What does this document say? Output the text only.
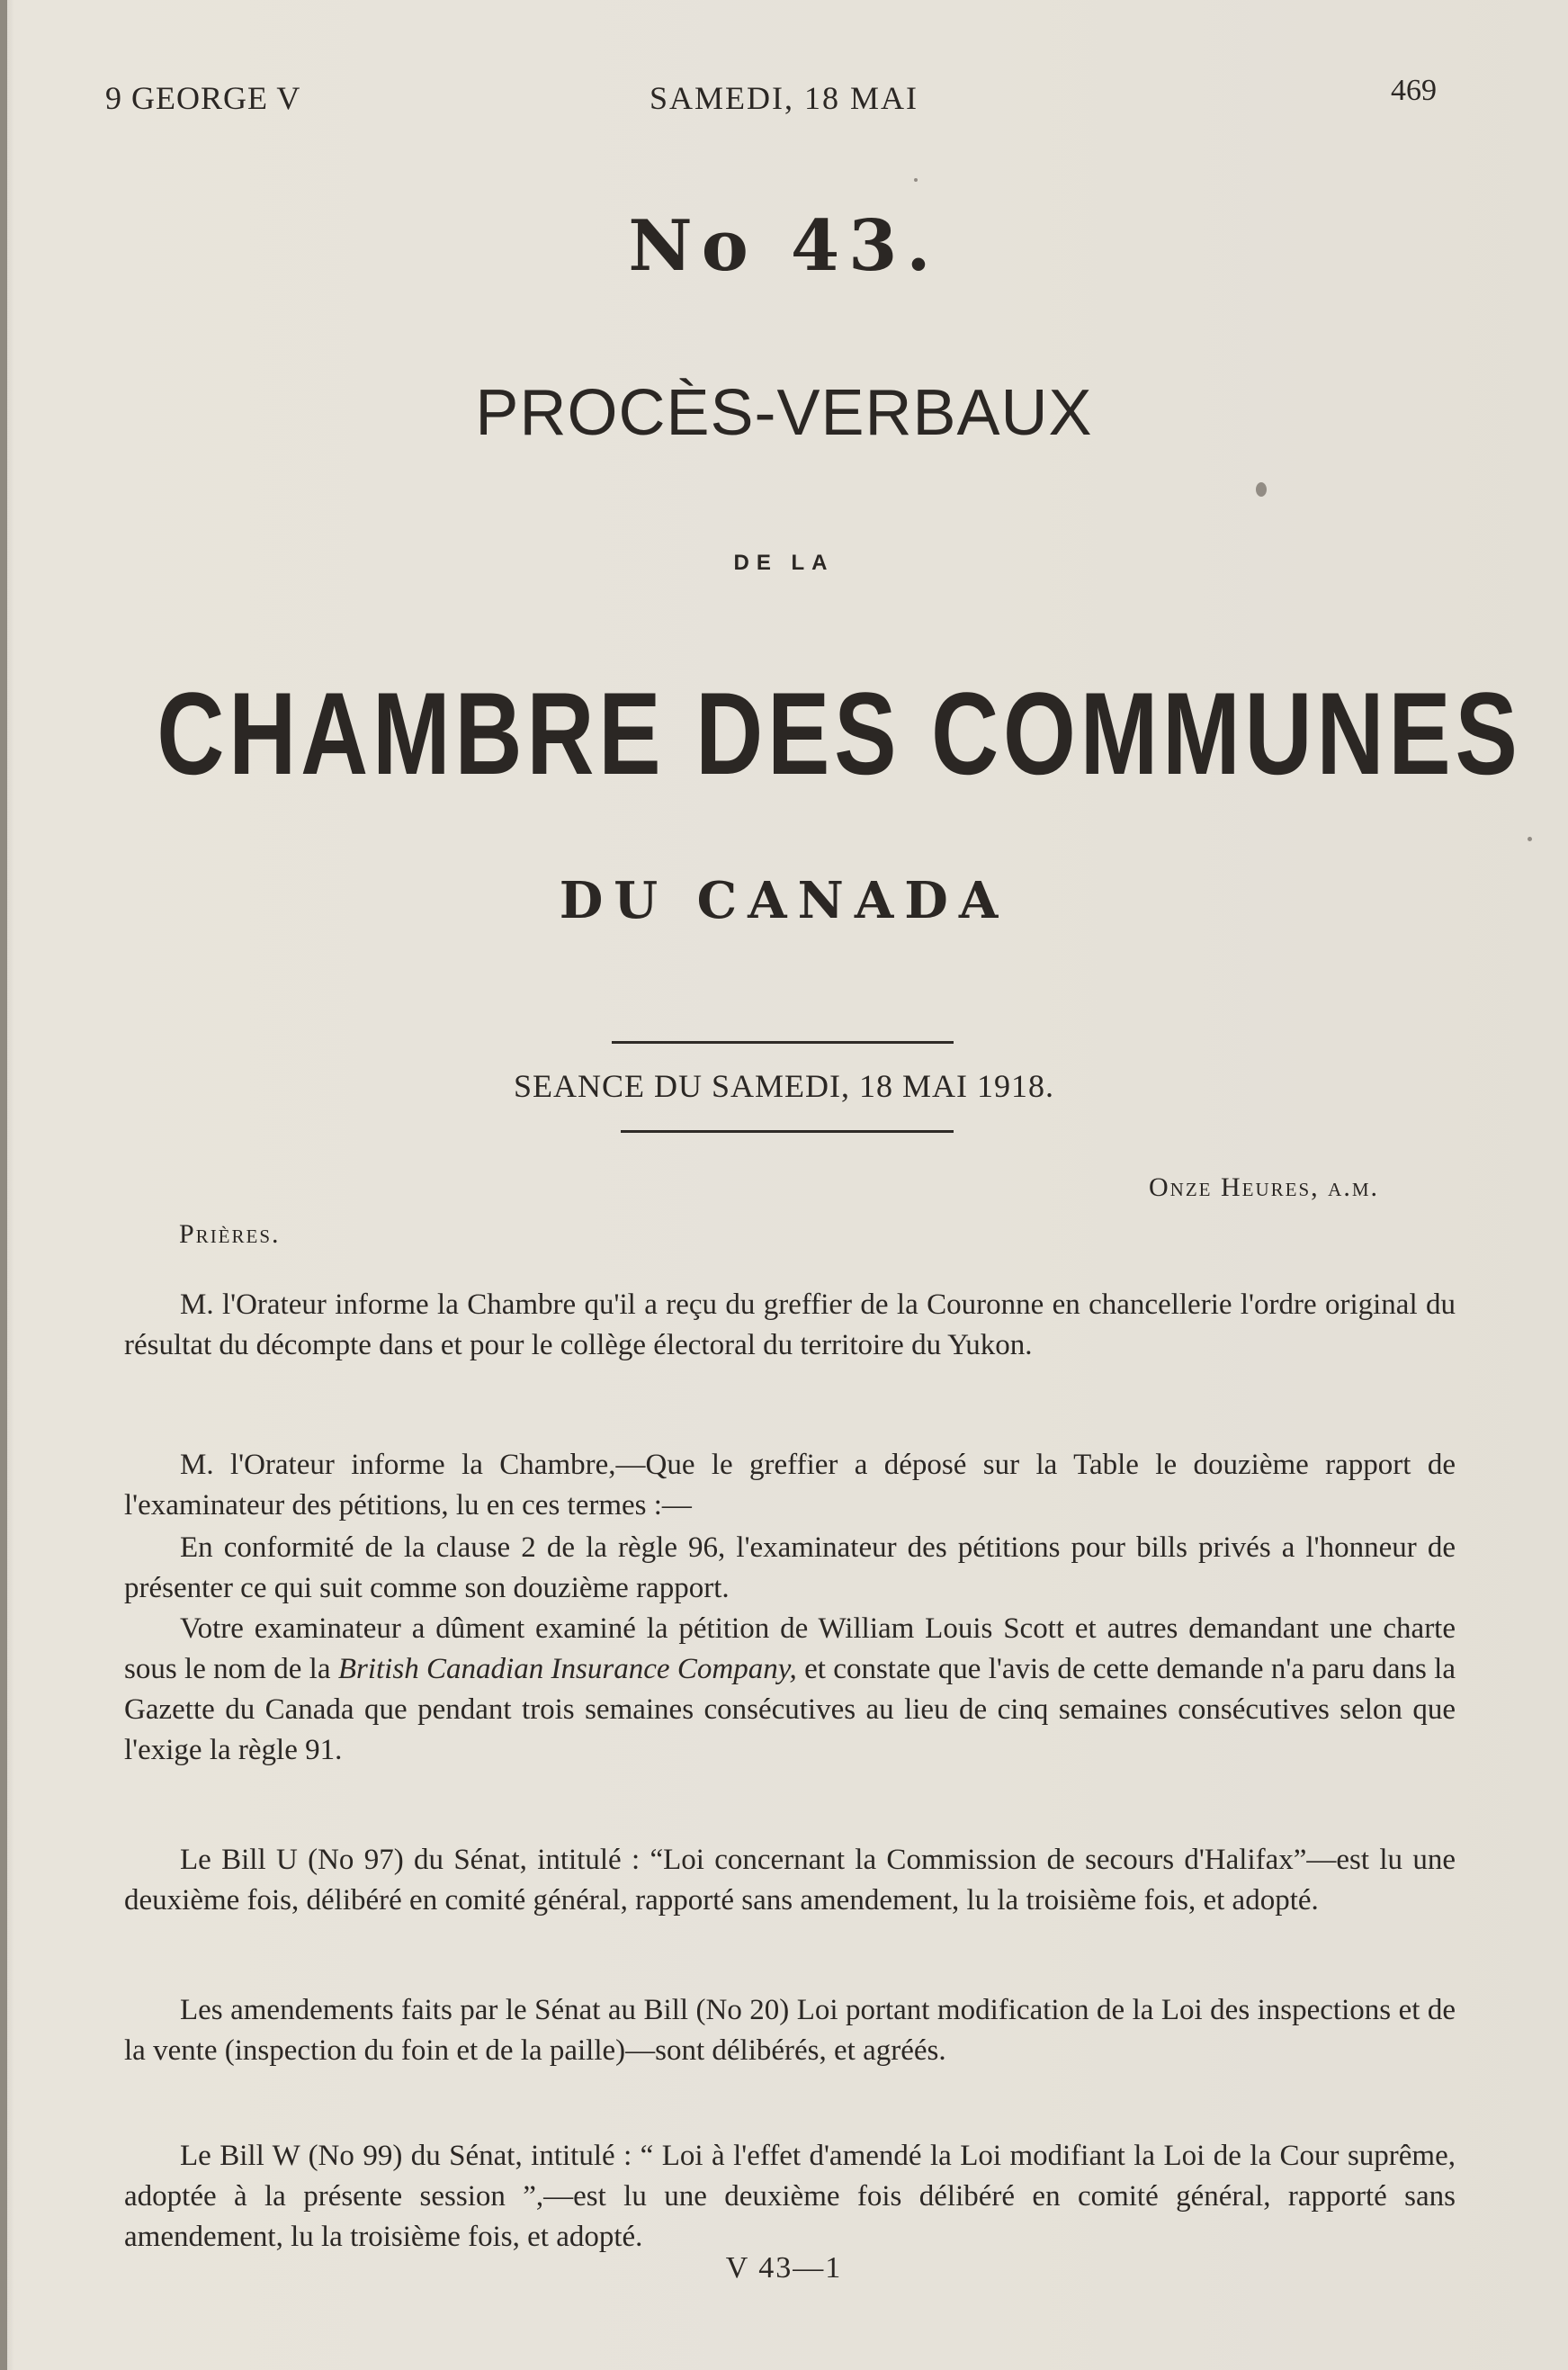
9 GEORGE V	SAMEDI, 18 MAI	469
No 43.
PROCÈS-VERBAUX
DE LA
CHAMBRE DES COMMUNES
DU CANADA
SEANCE DU SAMEDI, 18 MAI 1918.
Onze Heures, a.m.
Prières.

M. l'Orateur informe la Chambre qu'il a reçu du greffier de la Couronne en chancellerie l'ordre original du résultat du décompte dans et pour le collège électoral du territoire du Yukon.

M. l'Orateur informe la Chambre,—Que le greffier a déposé sur la Table le douzième rapport de l'examinateur des pétitions, lu en ces termes :—

En conformité de la clause 2 de la règle 96, l'examinateur des pétitions pour bills privés a l'honneur de présenter ce qui suit comme son douzième rapport.

Votre examinateur a dûment examiné la pétition de William Louis Scott et autres demandant une charte sous le nom de la British Canadian Insurance Company, et constate que l'avis de cette demande n'a paru dans la Gazette du Canada que pendant trois semaines consécutives au lieu de cinq semaines consécutives selon que l'exige la règle 91.

Le Bill U (No 97) du Sénat, intitulé : “Loi concernant la Commission de secours d'Halifax”—est lu une deuxième fois, délibéré en comité général, rapporté sans amendement, lu la troisième fois, et adopté.

Les amendements faits par le Sénat au Bill (No 20) Loi portant modification de la Loi des inspections et de la vente (inspection du foin et de la paille)—sont délibérés, et agréés.

Le Bill W (No 99) du Sénat, intitulé : “ Loi à l'effet d'amendé la Loi modifiant la Loi de la Cour suprême, adoptée à la présente session ”,—est lu une deuxième fois délibéré en comité général, rapporté sans amendement, lu la troisième fois, et adopté.

V 43—1
